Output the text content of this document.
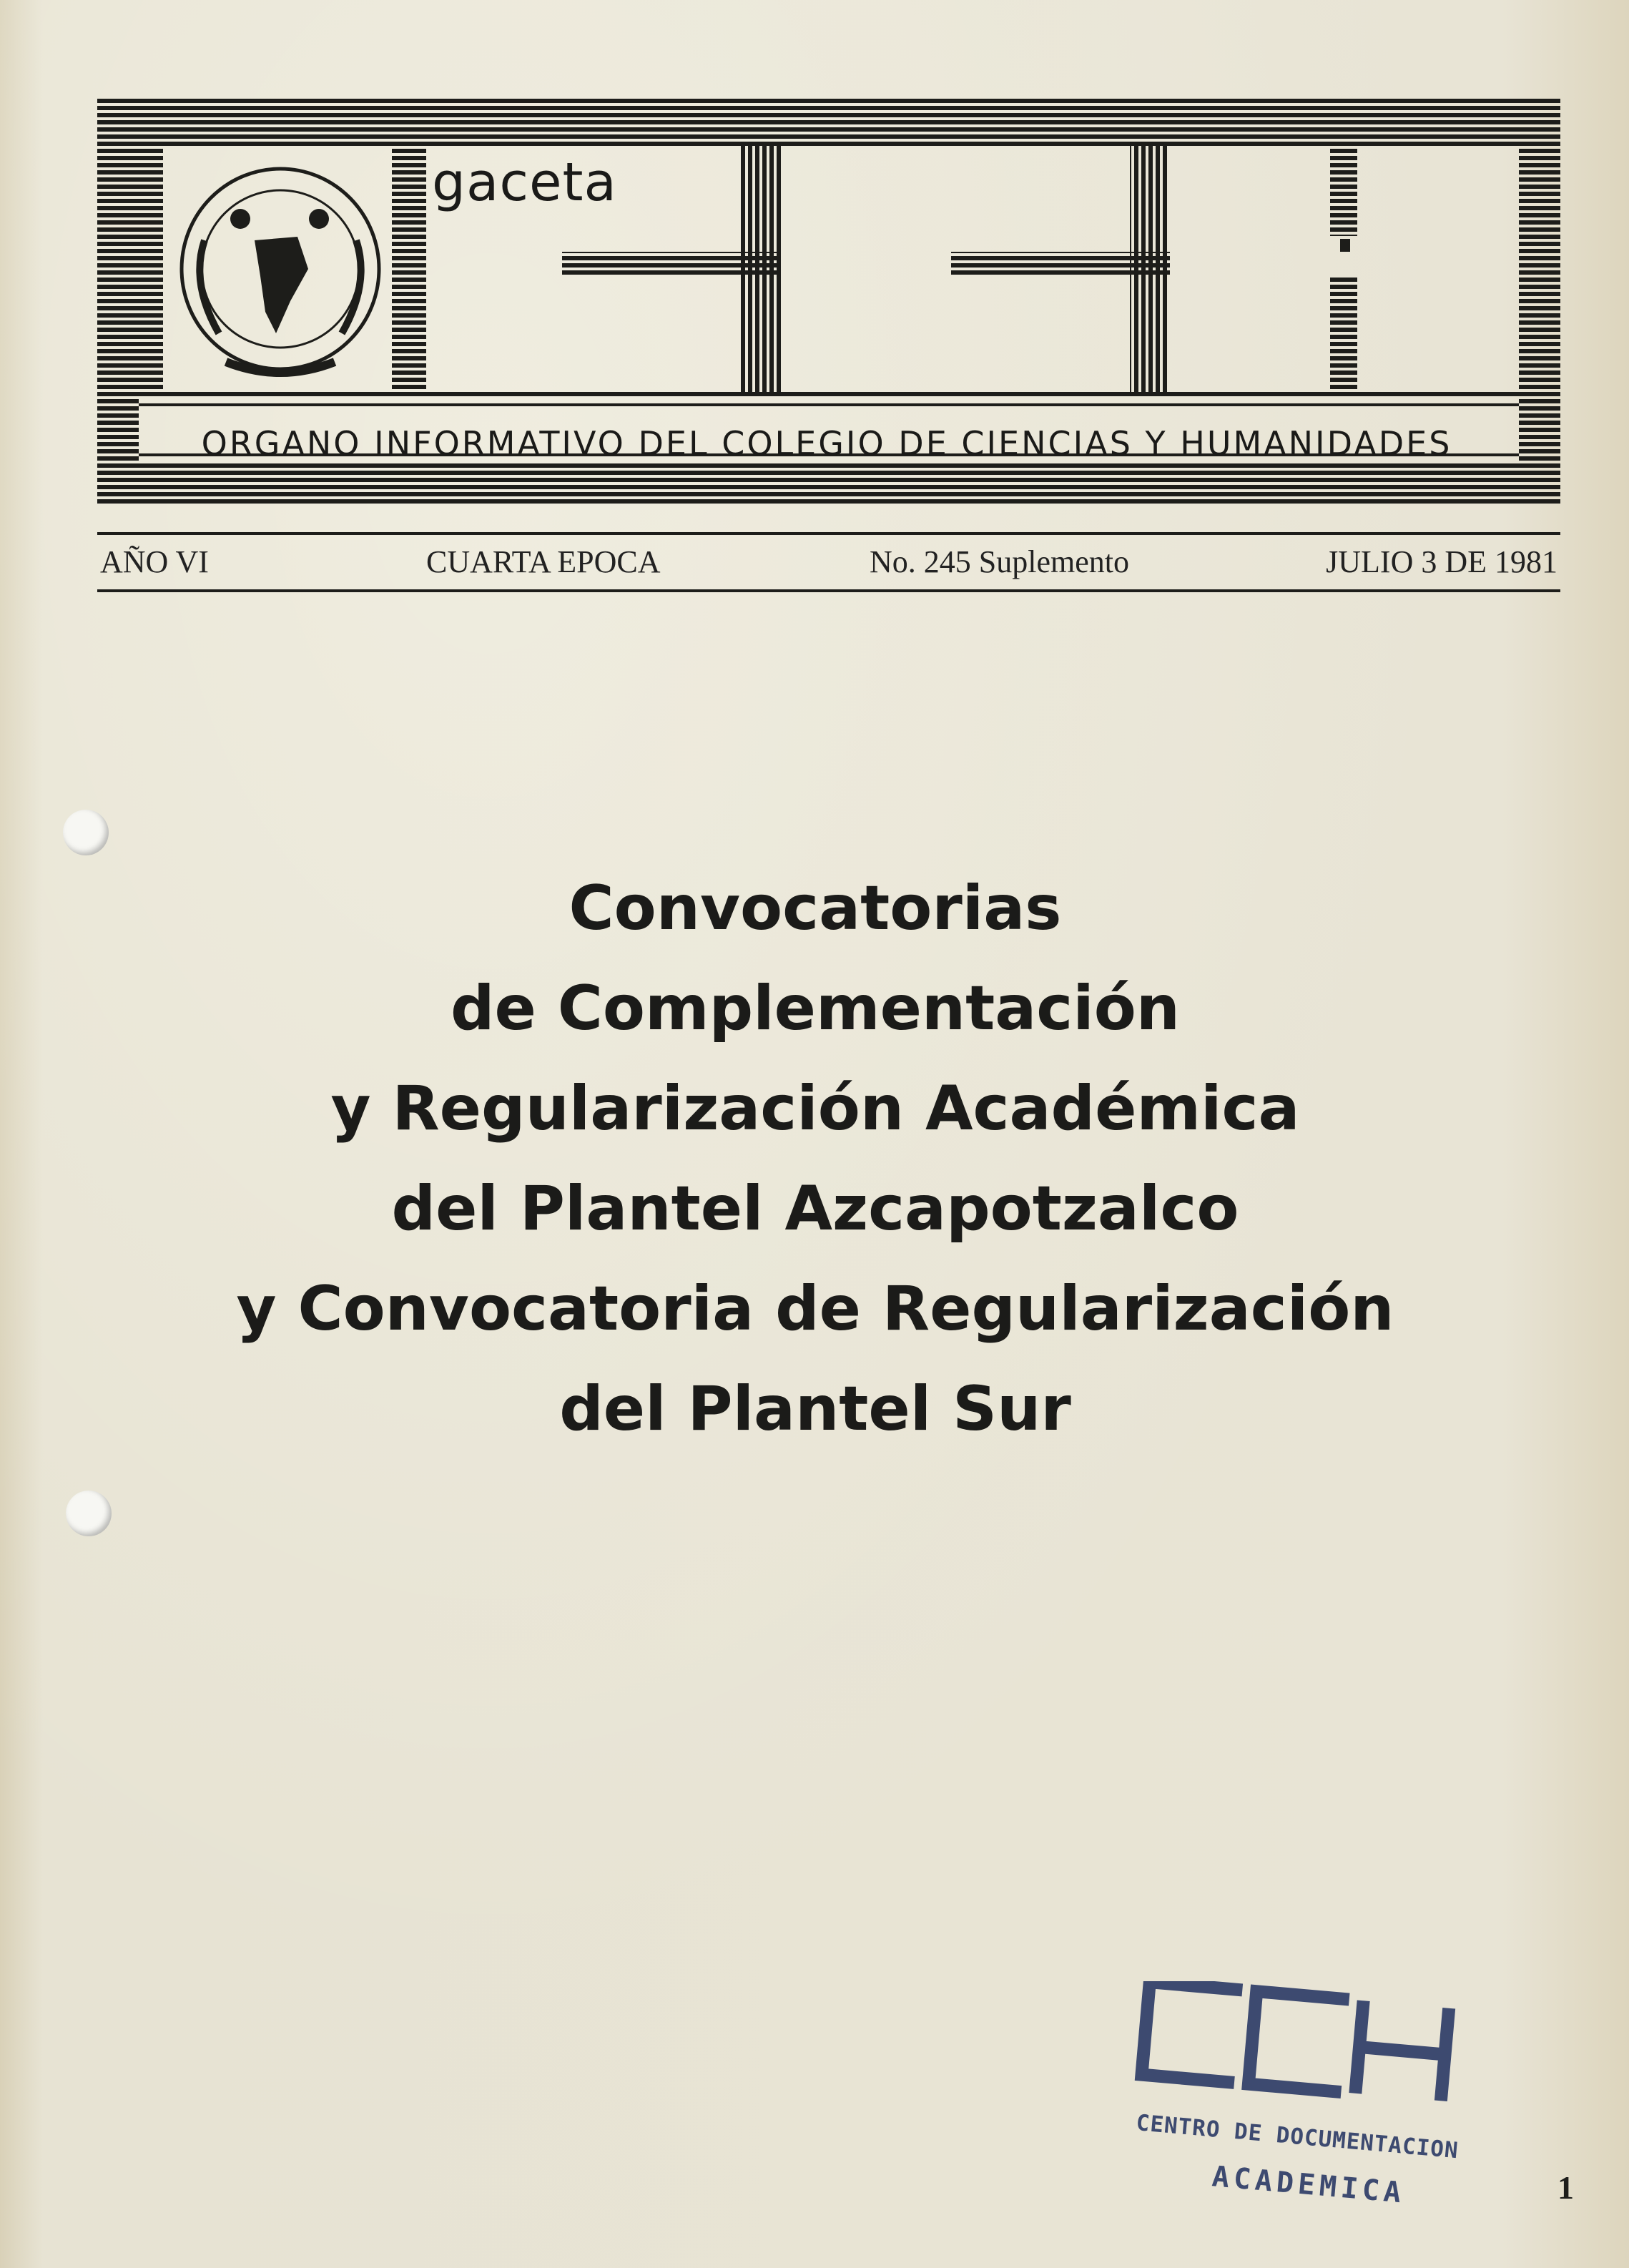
gaceta
ORGANO INFORMATIVO DEL COLEGIO DE CIENCIAS Y HUMANIDADES
AÑO VI	CUARTA EPOCA	No. 245 Suplemento	JULIO 3 DE 1981
Convocatorias
de Complementación
y Regularización Académica
del Plantel Azcapotzalco
y Convocatoria de Regularización
del Plantel Sur
CENTRO DE DOCUMENTACION
ACADEMICA	1
